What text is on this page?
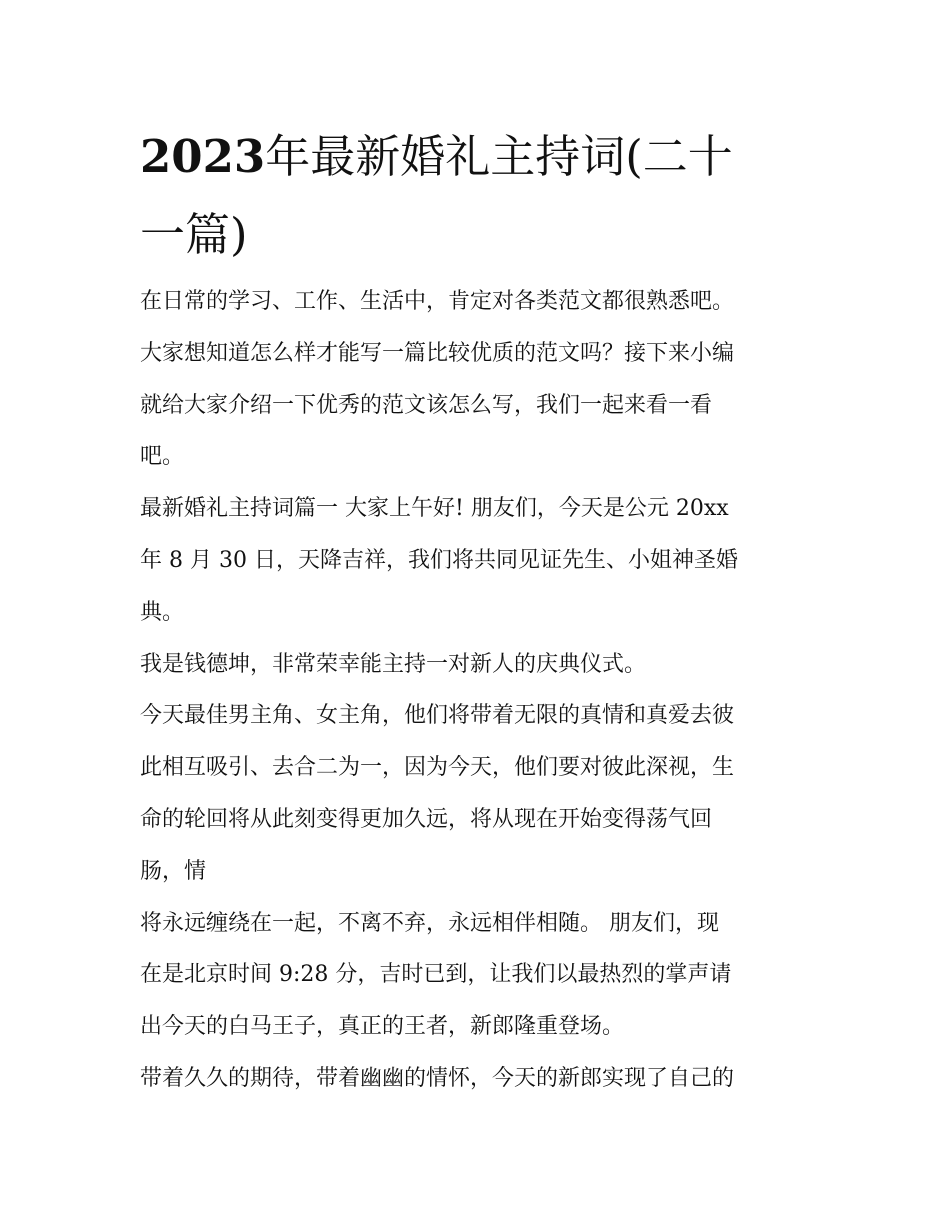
2023年最新婚礼主持词(二十
一篇)
在日常的学习、工作、生活中，肯定对各类范文都很熟悉吧。
大家想知道怎么样才能写一篇比较优质的范文吗？接下来小编
就给大家介绍一下优秀的范文该怎么写，我们一起来看一看
吧。
最新婚礼主持词篇一 大家上午好! 朋友们，今天是公元 20xx
年 8 月 30 日，天降吉祥，我们将共同见证先生、小姐神圣婚
典。
我是钱德坤，非常荣幸能主持一对新人的庆典仪式。
今天最佳男主角、女主角，他们将带着无限的真情和真爱去彼
此相互吸引、去合二为一，因为今天，他们要对彼此深视，生
命的轮回将从此刻变得更加久远，将从现在开始变得荡气回
肠，情
将永远缠绕在一起，不离不弃，永远相伴相随。 朋友们，现
在是北京时间 9:28 分，吉时已到，让我们以最热烈的掌声请
出今天的白马王子，真正的王者，新郎隆重登场。
带着久久的期待，带着幽幽的情怀，今天的新郎实现了自己的
